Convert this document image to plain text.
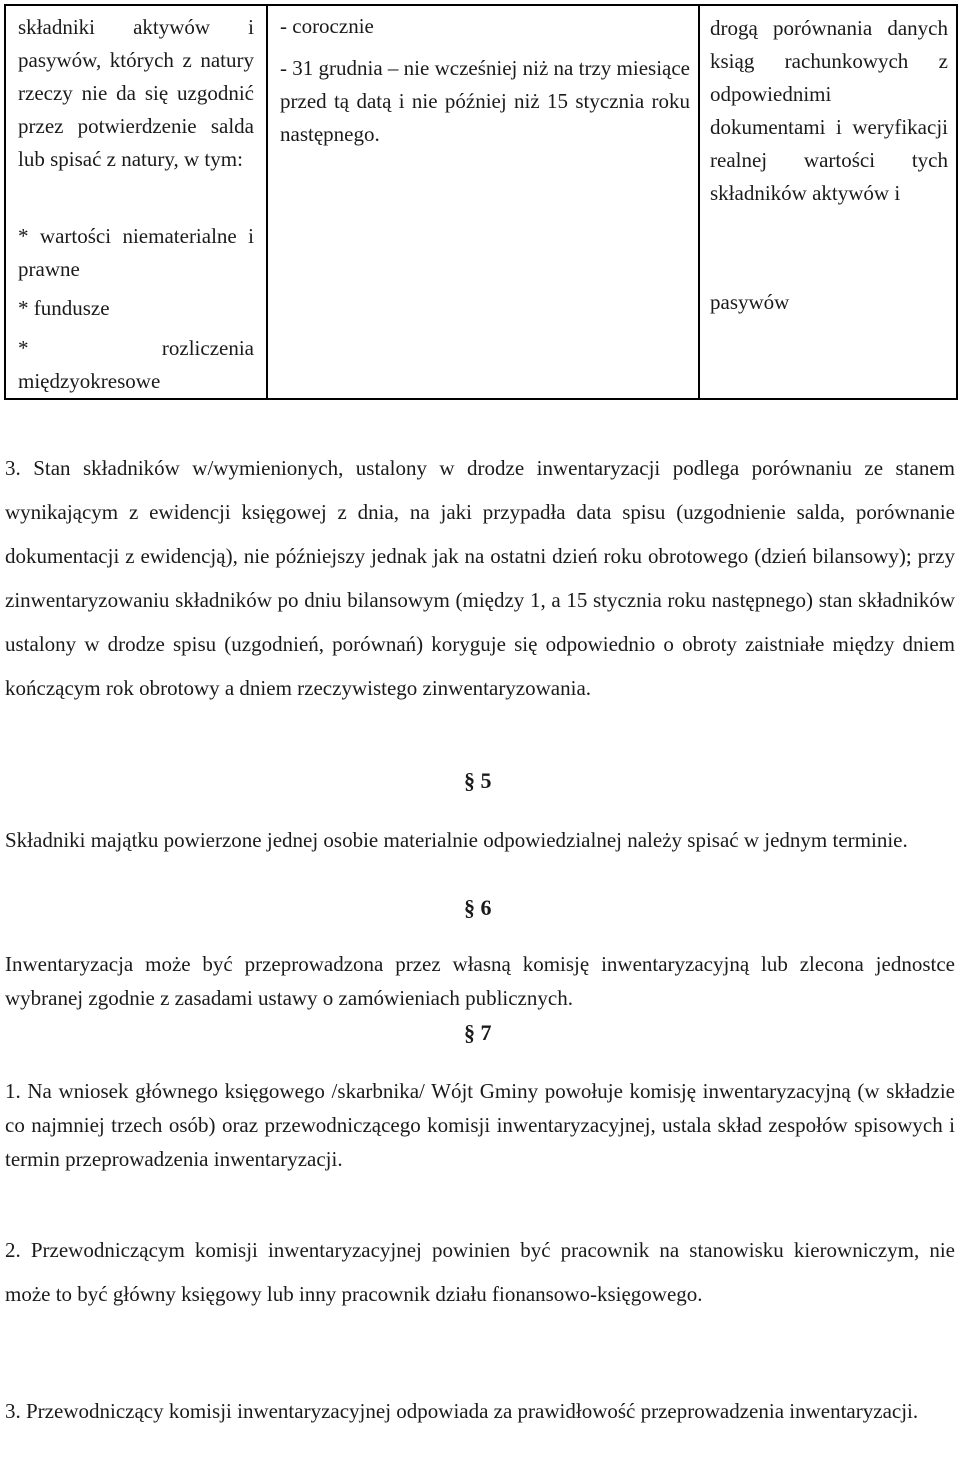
składniki aktywów i pasywów, których z natury rzeczy nie da się uzgodnić przez potwierdzenie salda lub spisać z natury, w tym:

* wartości niematerialne i prawne

* fundusze

* rozliczenia międzyokresowe

- corocznie

- 31 grudnia – nie wcześniej niż na trzy miesiące przed tą datą i nie później niż 15 stycznia roku następnego.

drogą porównania danych ksiąg rachunkowych z odpowiednimi dokumentami i weryfikacji realnej wartości tych składników aktywów i

pasywów

3. Stan składników w/wymienionych, ustalony w drodze inwentaryzacji podlega porównaniu ze stanem wynikającym z ewidencji księgowej z dnia, na jaki przypadła data spisu (uzgodnienie salda, porównanie dokumentacji z ewidencją), nie późniejszy jednak jak na ostatni dzień roku obrotowego (dzień bilansowy); przy zinwentaryzowaniu składników po dniu bilansowym (między 1, a 15 stycznia roku następnego) stan składników ustalony w drodze spisu (uzgodnień, porównań) koryguje się odpowiednio o obroty zaistniałe między dniem kończącym rok obrotowy a dniem rzeczywistego zinwentaryzowania.

§ 5

Składniki majątku powierzone jednej osobie materialnie odpowiedzialnej należy spisać w jednym terminie.

§ 6

Inwentaryzacja może być przeprowadzona przez własną komisję inwentaryzacyjną lub zlecona jednostce wybranej zgodnie z zasadami ustawy o zamówieniach publicznych.

§ 7

1. Na wniosek głównego księgowego /skarbnika/ Wójt Gminy powołuje komisję inwentaryzacyjną (w składzie co najmniej trzech osób) oraz przewodniczącego komisji inwentaryzacyjnej, ustala skład zespołów spisowych i termin przeprowadzenia inwentaryzacji.

2. Przewodniczącym komisji inwentaryzacyjnej powinien być pracownik na stanowisku kierowniczym, nie może to być główny księgowy lub inny pracownik działu fionansowo-księgowego.

3. Przewodniczący komisji inwentaryzacyjnej odpowiada za prawidłowość przeprowadzenia inwentaryzacji.
